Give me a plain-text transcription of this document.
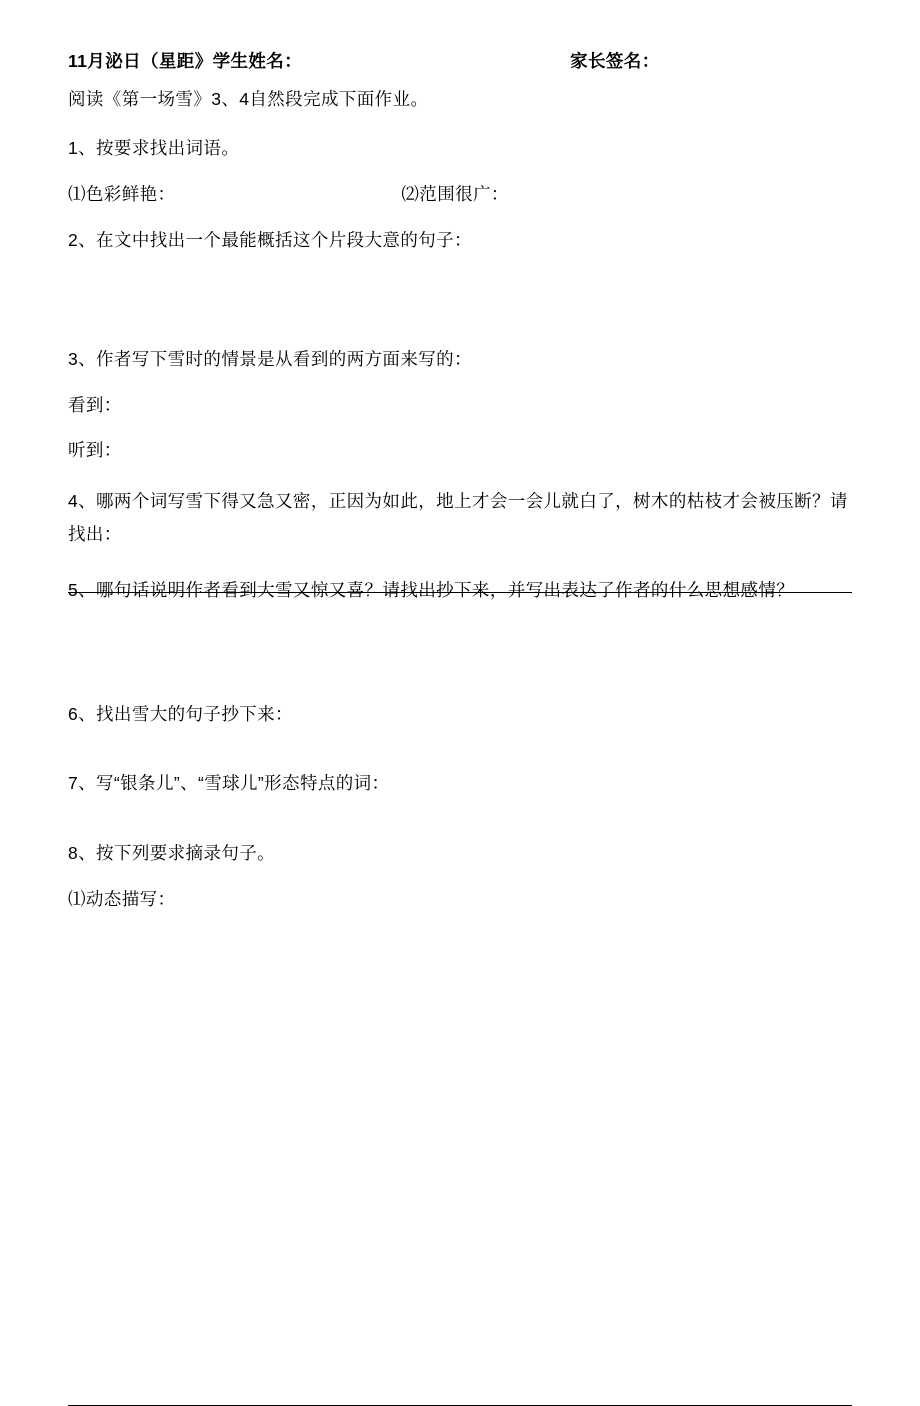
11月泌日（星距》学生姓名：	家长签名：
阅读《第一场雪》3、4自然段完成下面作业。
1、按要求找出词语。
⑴色彩鲜艳：	⑵范围很广：
2、在文中找出一个最能概括这个片段大意的句子：
3、作者写下雪时的情景是从看到的两方面来写的：
看到：
听到：
4、哪两个词写雪下得又急又密，正因为如此，地上才会一会儿就白了，树木的枯枝才会被压断？请找出：
5、哪句话说明作者看到大雪又惊又喜？请找出抄下来，并写出表达了作者的什么思想感情？
6、找出雪大的句子抄下来：
7、写“银条儿”、“雪球儿”形态特点的词：
8、按下列要求摘录句子。
⑴动态描写：
